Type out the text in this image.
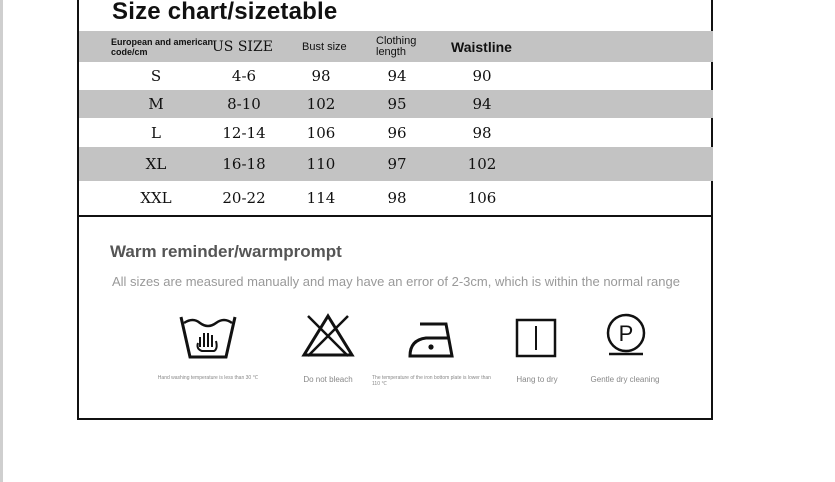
Size chart/sizetable
European and american code/cm	US SIZE	Bust size	Clothing length	Waistline
S	4-6	98	94	90
M	8-10	102	95	94
L	12-14	106	96	98
XL	16-18	110	97	102
XXL	20-22	114	98	106
Warm reminder/warmprompt
All sizes are measured manually and may have an error of 2-3cm, which is within the normal range
P
Hand washing temperature is less than 30 ℃	Do not bleach	The temperature of the iron bottom plate is lower than 110 ℃	Hang to dry	Gentle dry cleaning
